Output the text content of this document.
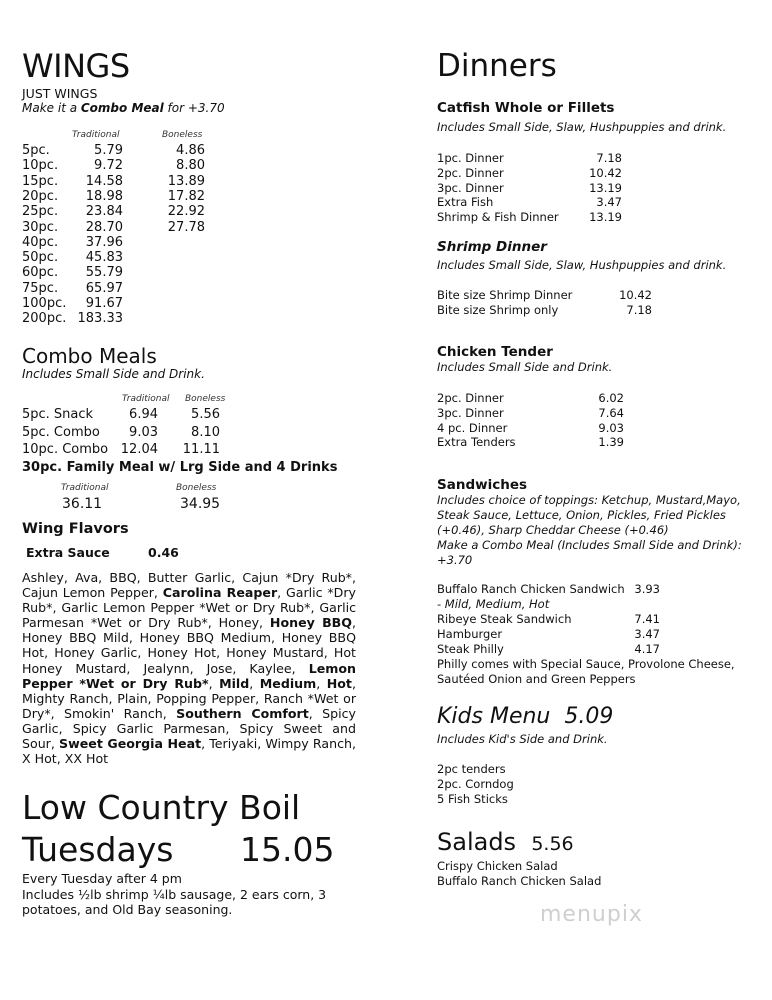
WINGS
JUST WINGS
Make it a Combo Meal for +3.70
Traditional	Boneless
5pc.	5.79	4.86
10pc.	9.72	8.80
15pc. 14.58	13.89
20pc. 18.98	17.82
25pc. 23.84	22.92
30pc. 28.70	27.78
40pc. 37.96
50pc. 45.83
60pc. 55.79
75pc. 65.97
100pc. 91.67
200pc. 183.33
Combo Meals
Includes Small Side and Drink.
Traditional Boneless
5pc. Snack	6.94	5.56
5pc. Combo 9.03	8.10
10pc. Combo 12.04 11.11
30pc. Family Meal w/ Lrg Side and 4 Drinks
Traditional	Boneless
36.11	34.95
Wing Flavors
Extra Sauce	0.46
Ashley, Ava, BBQ, Butter Garlic, Cajun *Dry Rub*, Cajun Lemon Pepper, Carolina Reaper, Garlic *Dry Rub*, Garlic Lemon Pepper *Wet or Dry Rub*, Garlic Parmesan *Wet or Dry Rub*, Honey, Honey BBQ, Honey BBQ Mild, Honey BBQ Medium, Honey BBQ Hot, Honey Garlic, Honey Hot, Honey Mustard, Hot Honey Mustard, Jealynn, Jose, Kaylee, Lemon Pepper *Wet or Dry Rub*, Mild, Medium, Hot, Mighty Ranch, Plain, Popping Pepper, Ranch *Wet or Dry*, Smokin' Ranch, Southern Comfort, Spicy Garlic, Spicy Garlic Parmesan, Spicy Sweet and Sour, Sweet Georgia Heat, Teriyaki, Wimpy Ranch, X Hot, XX Hot
Low Country Boil
Tuesdays 15.05
Every Tuesday after 4 pm
Includes ½lb shrimp ¼lb sausage, 2 ears corn, 3 potatoes, and Old Bay seasoning.
Dinners
Catfish Whole or Fillets
Includes Small Side, Slaw, Hushpuppies and drink.
1pc. Dinner	7.18
2pc. Dinner	10.42
3pc. Dinner	13.19
Extra Fish	3.47
Shrimp & Fish Dinner	13.19
Shrimp Dinner
Includes Small Side, Slaw, Hushpuppies and drink.
Bite size Shrimp Dinner	10.42
Bite size Shrimp only	7.18
Chicken Tender
Includes Small Side and Drink.
2pc. Dinner	6.02
3pc. Dinner	7.64
4 pc. Dinner	9.03
Extra Tenders	1.39
Sandwiches
Includes choice of toppings: Ketchup, Mustard,Mayo, Steak Sauce, Lettuce, Onion, Pickles, Fried Pickles (+0.46), Sharp Cheddar Cheese (+0.46)
Make a Combo Meal (Includes Small Side and Drink): +3.70
Buffalo Ranch Chicken Sandwich 3.93
- Mild, Medium, Hot
Ribeye Steak Sandwich	7.41
Hamburger	3.47
Steak Philly	4.17
Philly comes with Special Sauce, Provolone Cheese, Sautéed Onion and Green Peppers
Kids Menu 5.09
Includes Kid's Side and Drink.
2pc tenders
2pc. Corndog
5 Fish Sticks
Salads 5.56
Crispy Chicken Salad
Buffalo Ranch Chicken Salad
menupix
